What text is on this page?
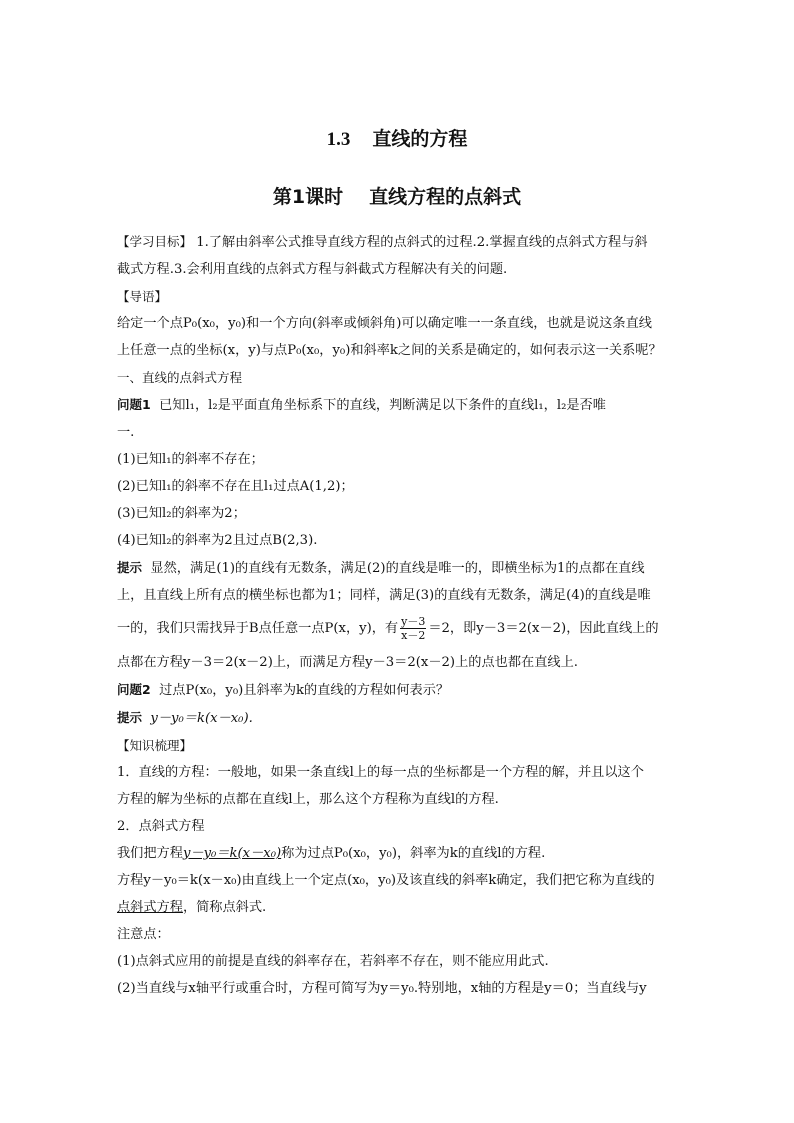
1.3 直线的方程
第1课时 直线方程的点斜式

【学习目标】 1.了解由斜率公式推导直线方程的点斜式的过程.2.掌握直线的点斜式方程与斜

截式方程.3.会利用直线的点斜式方程与斜截式方程解决有关的问题.

【导语】

给定一个点P₀(x₀，y₀)和一个方向(斜率或倾斜角)可以确定唯一一条直线，也就是说这条直线

上任意一点的坐标(x，y)与点P₀(x₀，y₀)和斜率k之间的关系是确定的，如何表示这一关系呢？

一、直线的点斜式方程

问题1 已知l₁，l₂是平面直角坐标系下的直线，判断满足以下条件的直线l₁，l₂是否唯

一.

(1)已知l₁的斜率不存在；

(2)已知l₁的斜率不存在且l₁过点A(1,2)；

(3)已知l₂的斜率为2；

(4)已知l₂的斜率为2且过点B(2,3).

提示 显然，满足(1)的直线有无数条，满足(2)的直线是唯一的，即横坐标为1的点都在直线

上，且直线上所有点的横坐标也都为1；同样，满足(3)的直线有无数条，满足(4)的直线是唯

一的，我们只需找异于B点任意一点P(x，y)，有 $\frac{y-3}{x-2} =2$，即y－3＝2(x－2)，因此直线上的

点都在方程y－3＝2(x－2)上，而满足方程y－3＝2(x－2)上的点也都在直线上.

问题2 过点P(x₀，y₀)且斜率为k的直线的方程如何表示？

提示 y－y₀＝k(x－x₀).

【知识梳理】

1．直线的方程：一般地，如果一条直线l上的每一点的坐标都是一个方程的解，并且以这个

方程的解为坐标的点都在直线l上，那么这个方程称为直线l的方程.

2．点斜式方程

我们把方程y－y₀＝k(x－x₀)称为过点P₀(x₀，y₀)，斜率为k的直线l的方程.

方程y－y₀＝k(x－x₀)由直线上一个定点(x₀，y₀)及该直线的斜率k确定，我们把它称为直线的

点斜式方程，简称点斜式.

注意点：

(1)点斜式应用的前提是直线的斜率存在，若斜率不存在，则不能应用此式.

(2)当直线与x轴平行或重合时，方程可简写为y＝y₀.特别地，x轴的方程是y＝0；当直线与y
